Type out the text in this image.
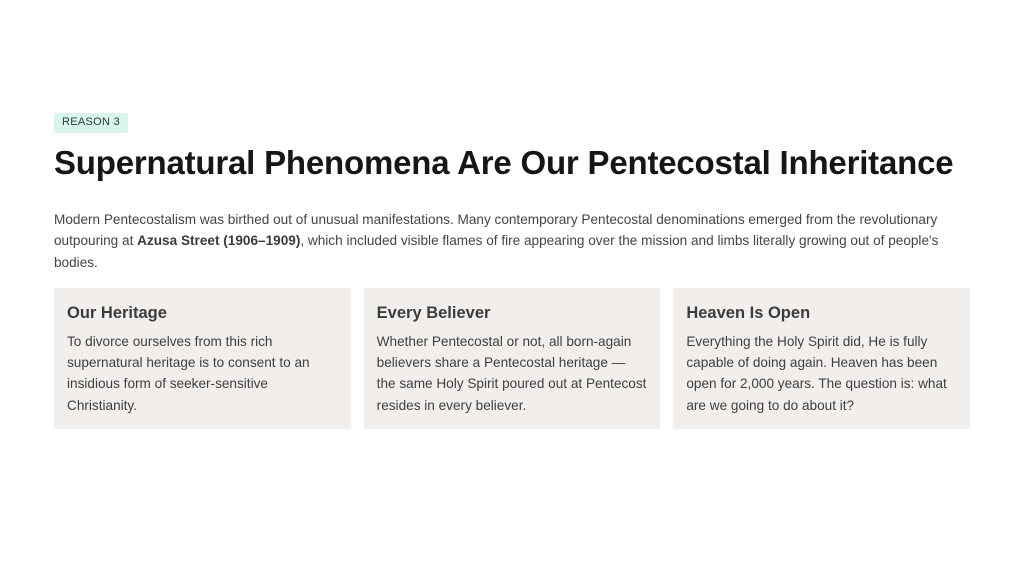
REASON 3
Supernatural Phenomena Are Our Pentecostal Inheritance

Modern Pentecostalism was birthed out of unusual manifestations. Many contemporary Pentecostal denominations emerged from the revolutionary outpouring at Azusa Street (1906–1909), which included visible flames of fire appearing over the mission and limbs literally growing out of people's bodies.

Our Heritage
To divorce ourselves from this rich supernatural heritage is to consent to an insidious form of seeker-sensitive Christianity.
Every Believer
Whether Pentecostal or not, all born-again believers share a Pentecostal heritage — the same Holy Spirit poured out at Pentecost resides in every believer.
Heaven Is Open
Everything the Holy Spirit did, He is fully capable of doing again. Heaven has been open for 2,000 years. The question is: what are we going to do about it?
